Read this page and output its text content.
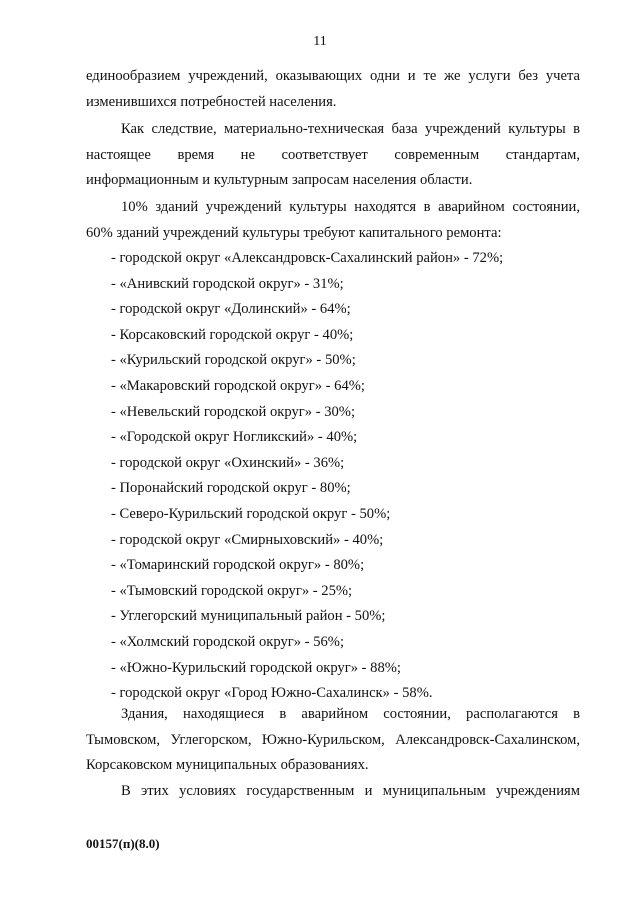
11

единообразием учреждений, оказывающих одни и те же услуги без учета

изменившихся потребностей населения.

Как следствие, материально-техническая база учреждений культуры в

настоящее время не соответствует современным стандартам,

информационным и культурным запросам населения области.

10% зданий учреждений культуры находятся в аварийном состоянии,

60% зданий учреждений культуры требуют капитального ремонта:

- городской округ «Александровск-Сахалинский район» - 72%;
- «Анивский городской округ» - 31%;
- городской округ «Долинский» - 64%;
- Корсаковский городской округ - 40%;
- «Курильский городской округ» - 50%;
- «Макаровский городской округ» - 64%;
- «Невельский городской округ» - 30%;
- «Городской округ Ногликский» - 40%;
- городской округ «Охинский» - 36%;
- Поронайский городской округ - 80%;
- Северо-Курильский городской округ - 50%;
- городской округ «Смирныховский» - 40%;
- «Томаринский городской округ» - 80%;
- «Тымовский городской округ» - 25%;
- Углегорский муниципальный район - 50%;
- «Холмский городской округ» - 56%;
- «Южно-Курильский городской округ» - 88%;
- городской округ «Город Южно-Сахалинск» - 58%.

Здания, находящиеся в аварийном состоянии, располагаются в

Тымовском, Углегорском, Южно-Курильском, Александровск-Сахалинском,

Корсаковском муниципальных образованиях.

В этих условиях государственным и муниципальным учреждениям

00157(п)(8.0)
